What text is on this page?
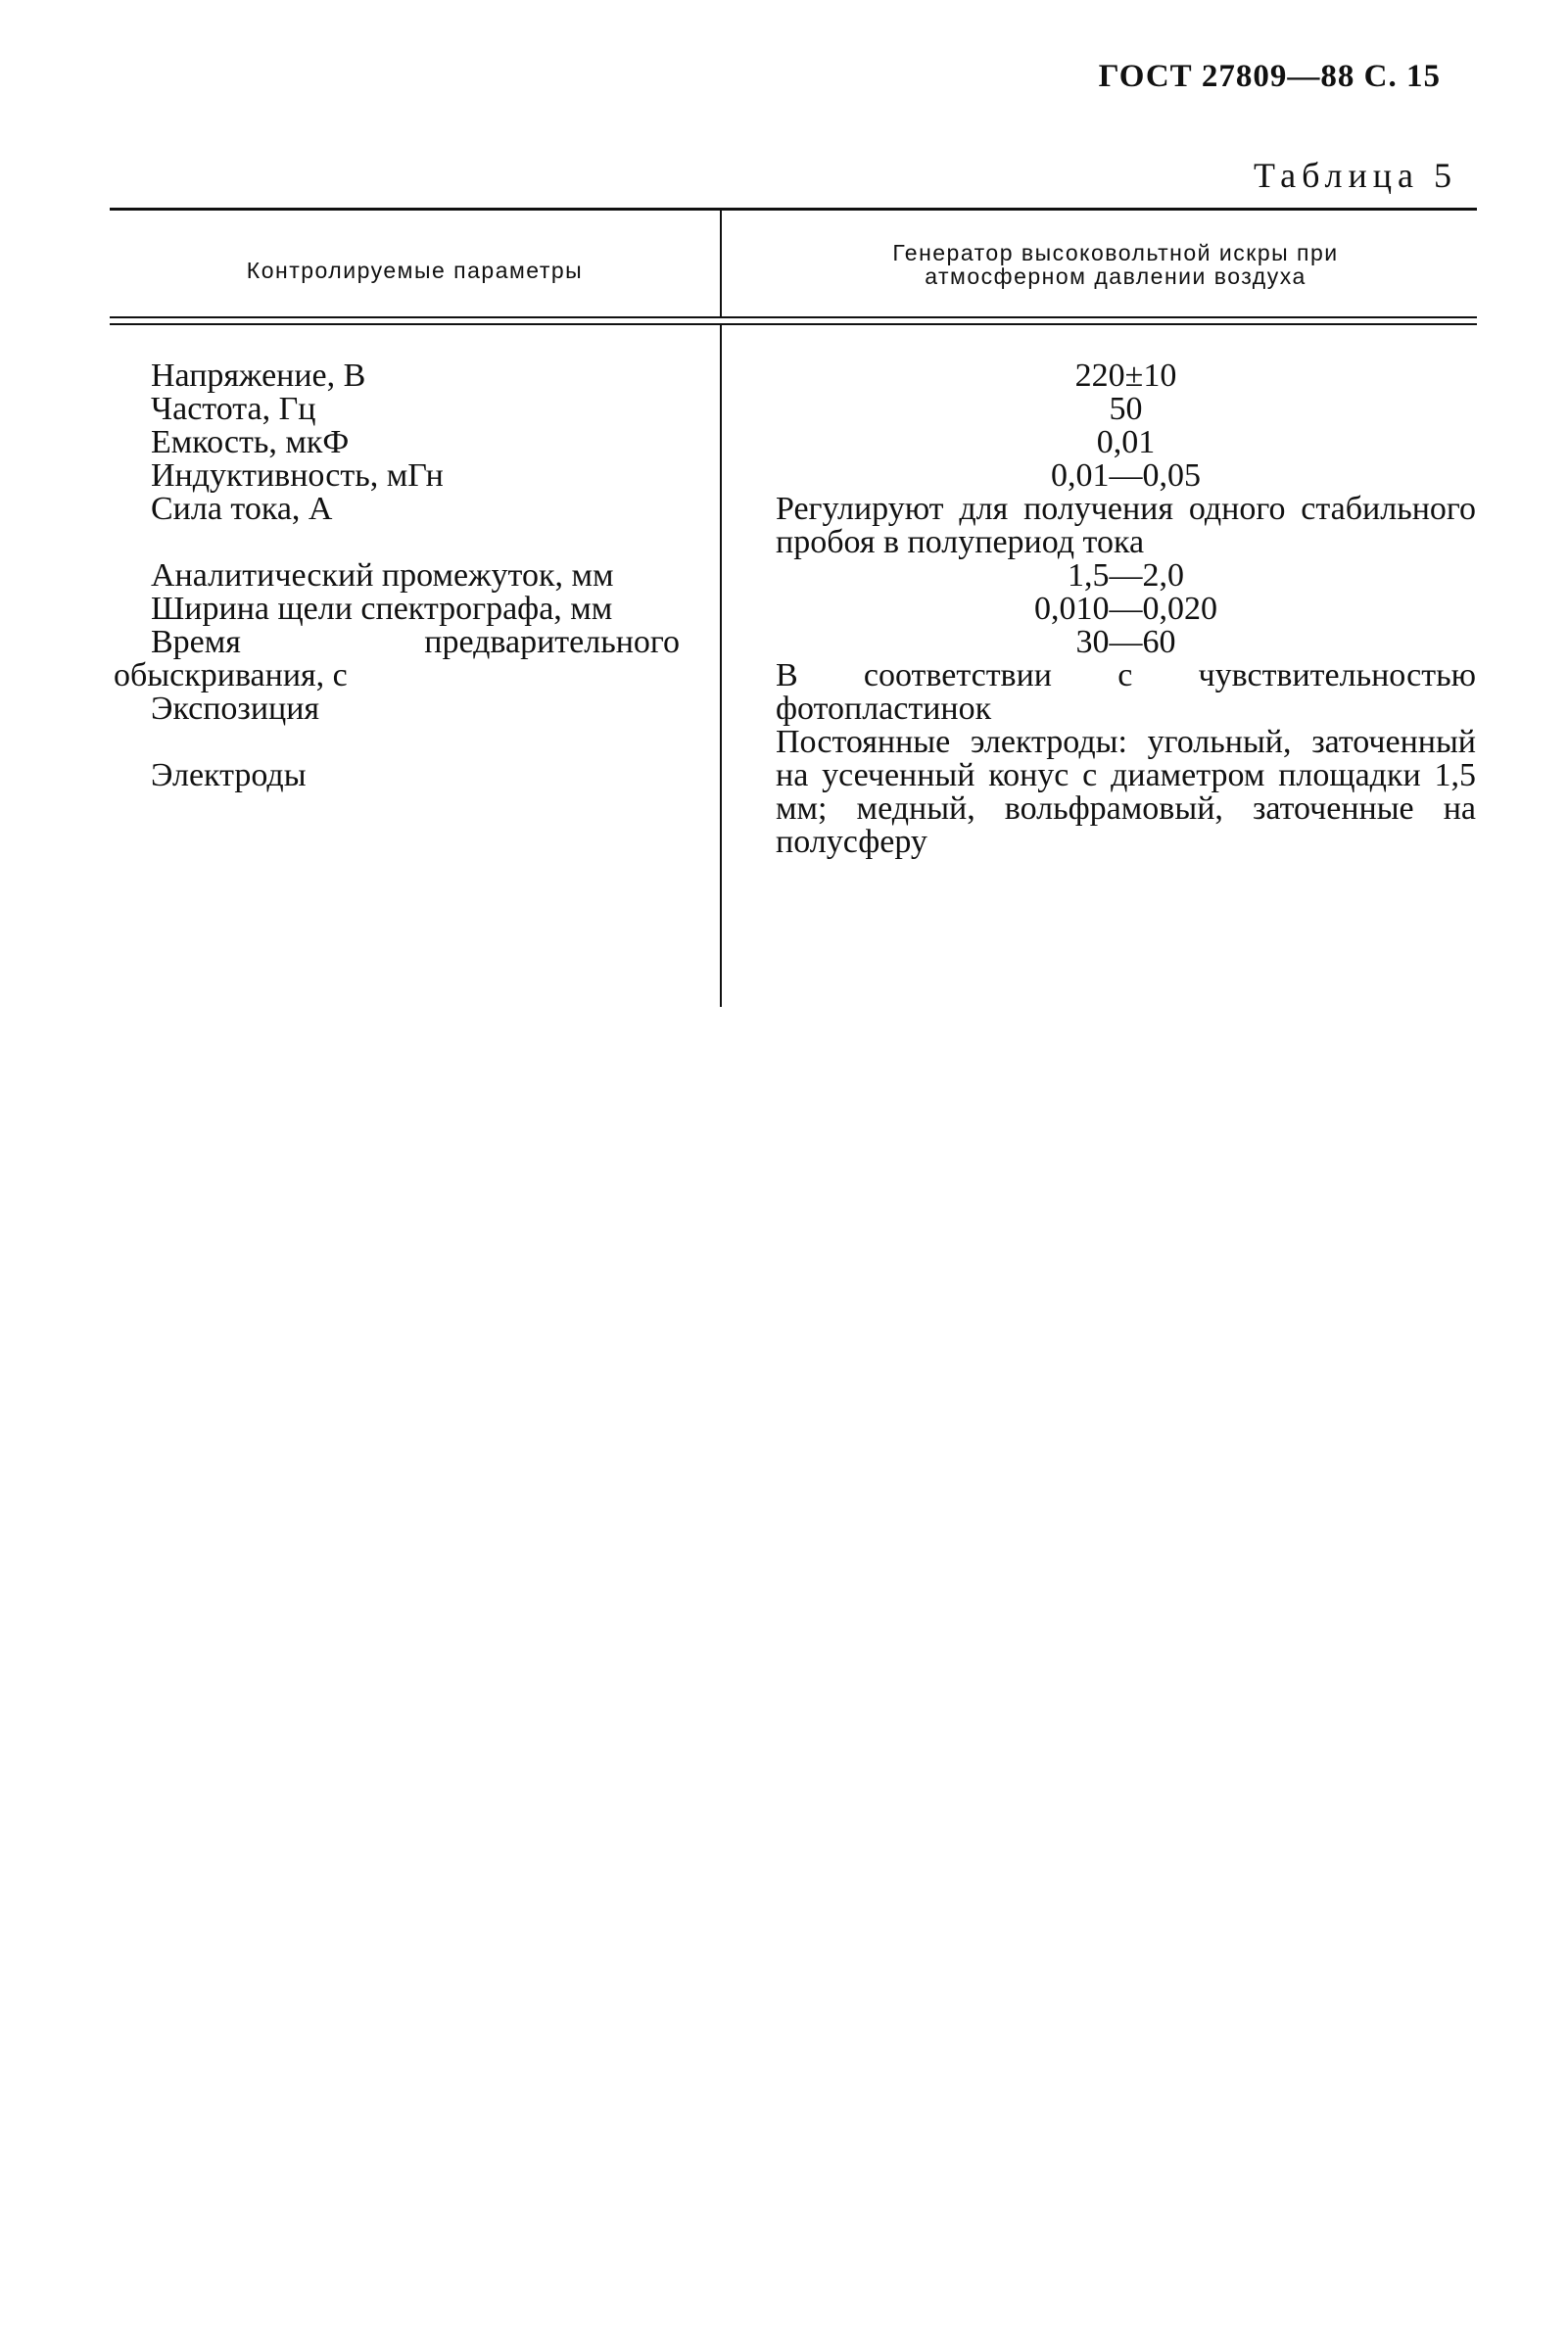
ГОСТ 27809—88 С. 15
Таблица 5
Контролируемые параметры
Генератор высоковольтной искры при
атмосферном давлении воздуха

Напряжение, В

Частота, Гц

Емкость, мкФ

Индуктивность, мГн

Сила тока, А

Аналитический промежуток, мм

Ширина щели спектрографа, мм

Время предварительного обыскривания, с

Экспозиция

Электроды

220±10

50

0,01

0,01—0,05

Регулируют для получения одного стабильного пробоя в полупериод тока

1,5—2,0

0,010—0,020

30—60

В соответствии с чувствительностью фотопластинок

Постоянные электроды: угольный, заточенный на усеченный конус с диаметром площадки 1,5 мм; медный, вольфрамовый, заточенные на полусферу
